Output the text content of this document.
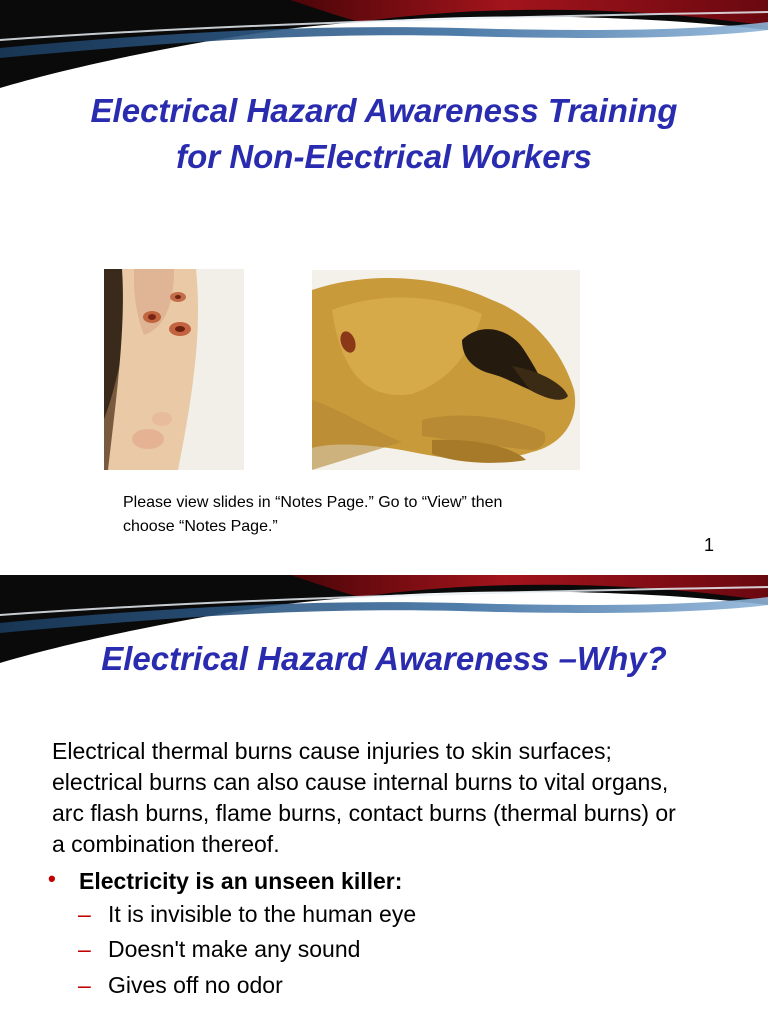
Electrical Hazard Awareness Training
for Non-Electrical Workers
Please view slides in “Notes Page.” Go to “View” then
choose “Notes Page.”
1
Electrical Hazard Awareness –Why?
Electrical thermal burns cause injuries to skin surfaces;
electrical burns can also cause internal burns to vital organs,
arc flash burns, flame burns, contact burns (thermal burns) or
a combination thereof.
• Electricity is an unseen killer:
– It is invisible to the human eye
– Doesn't make any sound
– Gives off no odor
